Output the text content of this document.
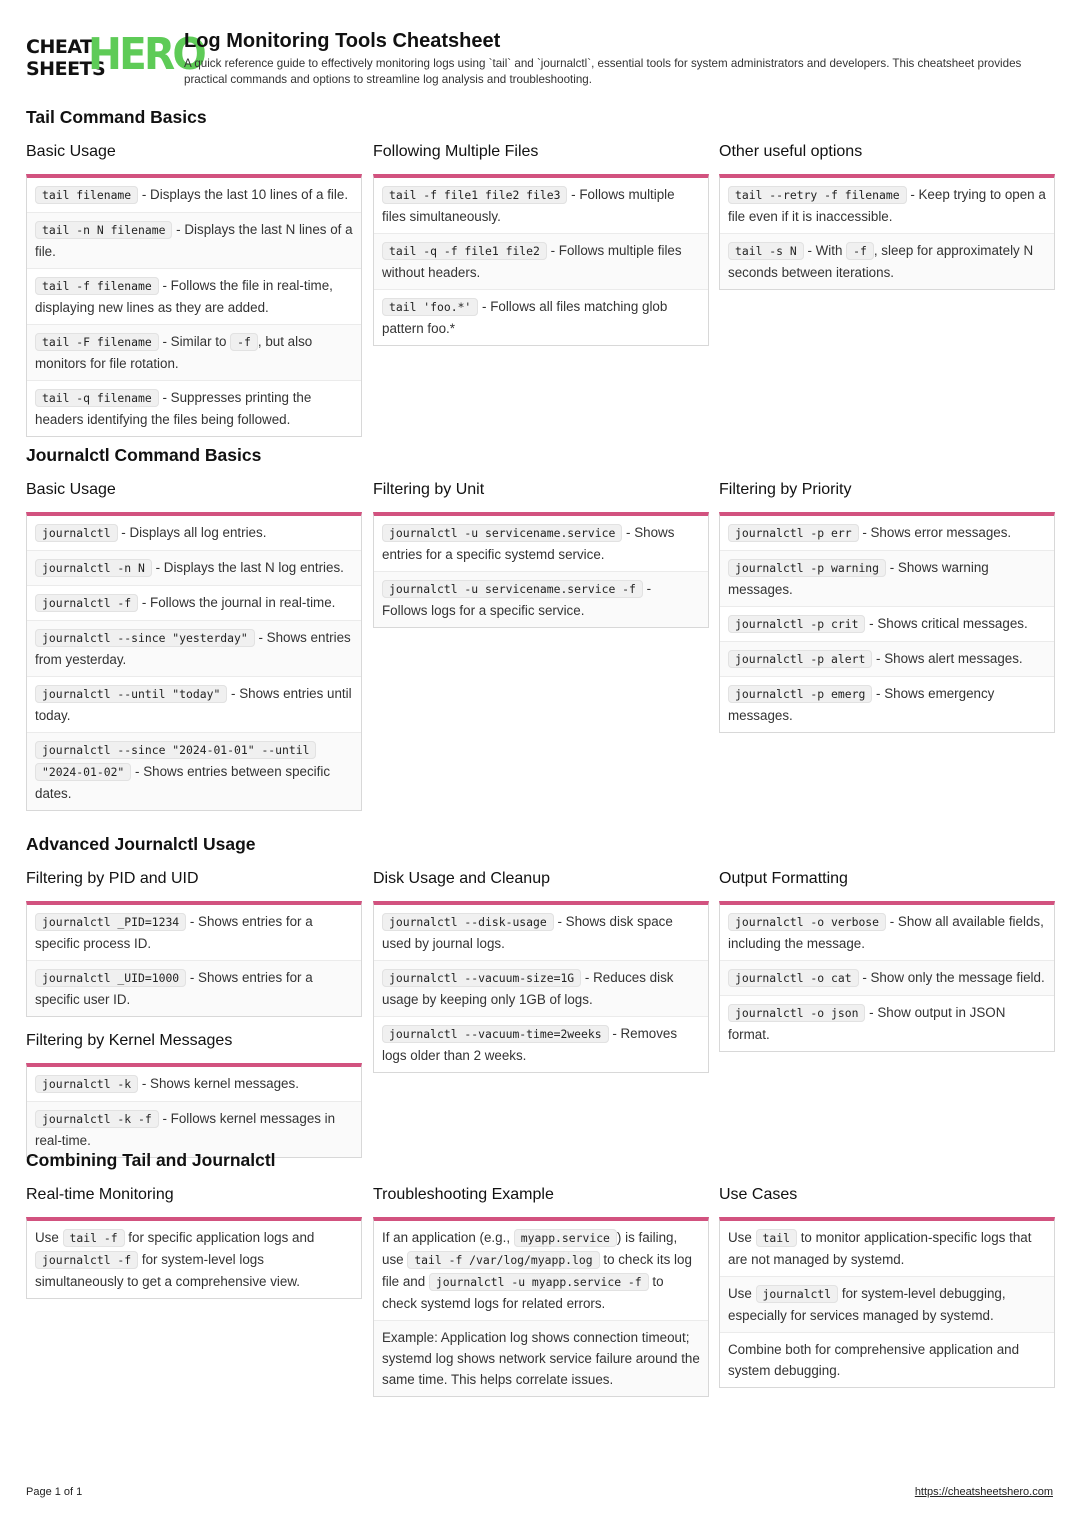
CHEAT
SHEETS
HERO
Log Monitoring Tools Cheatsheet
A quick reference guide to effectively monitoring logs using `tail` and `journalctl`, essential tools for system administrators and developers. This cheatsheet provides practical commands and options to streamline log analysis and troubleshooting.
Tail Command Basics
Basic Usage
tail filename - Displays the last 10 lines of a file.
tail -n N filename - Displays the last N lines of a file.
tail -f filename - Follows the file in real-time, displaying new lines as they are added.
tail -F filename - Similar to -f , but also monitors for file rotation.
tail -q filename - Suppresses printing the headers identifying the files being followed.
Following Multiple Files
tail -f file1 file2 file3 - Follows multiple files simultaneously.
tail -q -f file1 file2 - Follows multiple files without headers.
tail 'foo.*' - Follows all files matching glob pattern foo.*
Other useful options
tail --retry -f filename - Keep trying to open a file even if it is inaccessible.
tail -s N - With -f , sleep for approximately N seconds between iterations.
Journalctl Command Basics
Basic Usage
journalctl - Displays all log entries.
journalctl -n N - Displays the last N log entries.
journalctl -f - Follows the journal in real-time.
journalctl --since "yesterday" - Shows entries from yesterday.
journalctl --until "today" - Shows entries until today.
journalctl --since "2024-01-01" --until "2024-01-02" - Shows entries between specific dates.
Filtering by Unit
journalctl -u servicename.service - Shows entries for a specific systemd service.
journalctl -u servicename.service -f - Follows logs for a specific service.
Filtering by Priority
journalctl -p err - Shows error messages.
journalctl -p warning - Shows warning messages.
journalctl -p crit - Shows critical messages.
journalctl -p alert - Shows alert messages.
journalctl -p emerg - Shows emergency messages.
Advanced Journalctl Usage
Filtering by PID and UID
journalctl _PID=1234 - Shows entries for a specific process ID.
journalctl _UID=1000 - Shows entries for a specific user ID.
Filtering by Kernel Messages
journalctl -k - Shows kernel messages.
journalctl -k -f - Follows kernel messages in real-time.
Disk Usage and Cleanup
journalctl --disk-usage - Shows disk space used by journal logs.
journalctl --vacuum-size=1G - Reduces disk usage by keeping only 1GB of logs.
journalctl --vacuum-time=2weeks - Removes logs older than 2 weeks.
Output Formatting
journalctl -o verbose - Show all available fields, including the message.
journalctl -o cat - Show only the message field.
journalctl -o json - Show output in JSON format.
Combining Tail and Journalctl
Real-time Monitoring
Use tail -f for specific application logs and journalctl -f for system-level logs simultaneously to get a comprehensive view.
Troubleshooting Example
If an application (e.g., myapp.service ) is failing, use tail -f /var/log/myapp.log to check its log file and journalctl -u myapp.service -f to check systemd logs for related errors.
Example: Application log shows connection timeout; systemd log shows network service failure around the same time. This helps correlate issues.
Use Cases
Use tail to monitor application-specific logs that are not managed by systemd.
Use journalctl for system-level debugging, especially for services managed by systemd.
Combine both for comprehensive application and system debugging.
Page 1 of 1	https://cheatsheetshero.com
